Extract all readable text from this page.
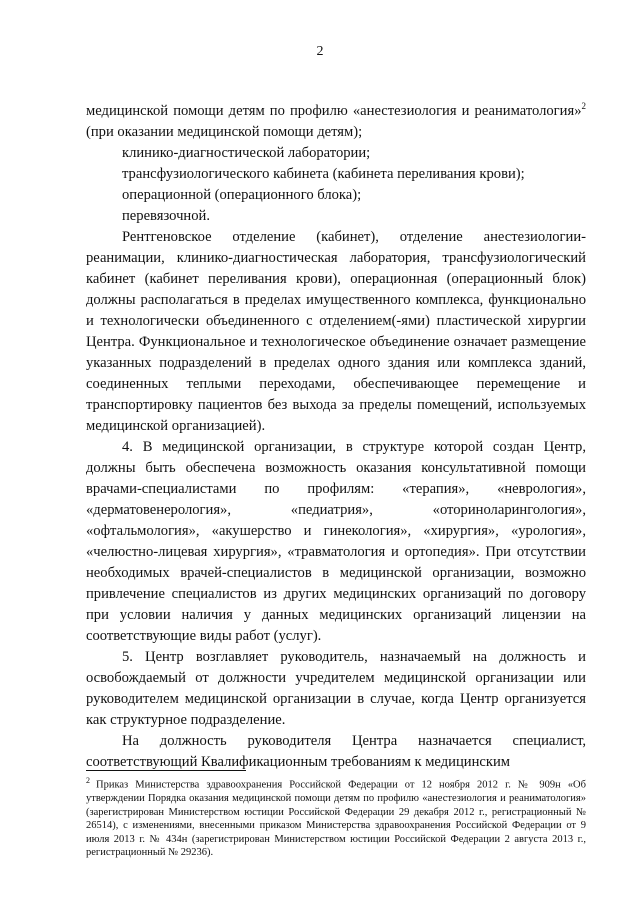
2

медицинской помощи детям по профилю «анестезиология и реаниматология»$^2$ (при оказании медицинской помощи детям);

клинико-диагностической лаборатории;

трансфузиологического кабинета (кабинета переливания крови);

операционной (операционного блока);

перевязочной.

Рентгеновское отделение (кабинет), отделение анестезиологии-реанимации, клинико-диагностическая лаборатория, трансфузиологический кабинет (кабинет переливания крови), операционная (операционный блок) должны располагаться в пределах имущественного комплекса, функционально и технологически объединенного с отделением(-ями) пластической хирургии Центра. Функциональное и технологическое объединение означает размещение указанных подразделений в пределах одного здания или комплекса зданий, соединенных теплыми переходами, обеспечивающее перемещение и транспортировку пациентов без выхода за пределы помещений, используемых медицинской организацией).

4. В медицинской организации, в структуре которой создан Центр, должны быть обеспечена возможность оказания консультативной помощи врачами-специалистами по профилям: «терапия», «неврология», «дерматовенерология», «педиатрия», «оториноларингология», «офтальмология», «акушерство и гинекология», «хирургия», «урология», «челюстно-лицевая хирургия», «травматология и ортопедия». При отсутствии необходимых врачей-специалистов в медицинской организации, возможно привлечение специалистов из других медицинских организаций по договору при условии наличия у данных медицинских организаций лицензии на соответствующие виды работ (услуг).

5. Центр возглавляет руководитель, назначаемый на должность и освобождаемый от должности учредителем медицинской организации или руководителем медицинской организации в случае, когда Центр организуется как структурное подразделение.

На должность руководителя Центра назначается специалист, соответствующий Квалификационным требованиям к медицинским

$^2$ Приказ Министерства здравоохранения Российской Федерации от 12 ноября 2012 г. № 909н «Об утверждении Порядка оказания медицинской помощи детям по профилю «анестезиология и реаниматология» (зарегистрирован Министерством юстиции Российской Федерации 29 декабря 2012 г., регистрационный № 26514), с изменениями, внесенными приказом Министерства здравоохранения Российской Федерации от 9 июля 2013 г. № 434н (зарегистрирован Министерством юстиции Российской Федерации 2 августа 2013 г., регистрационный № 29236).
